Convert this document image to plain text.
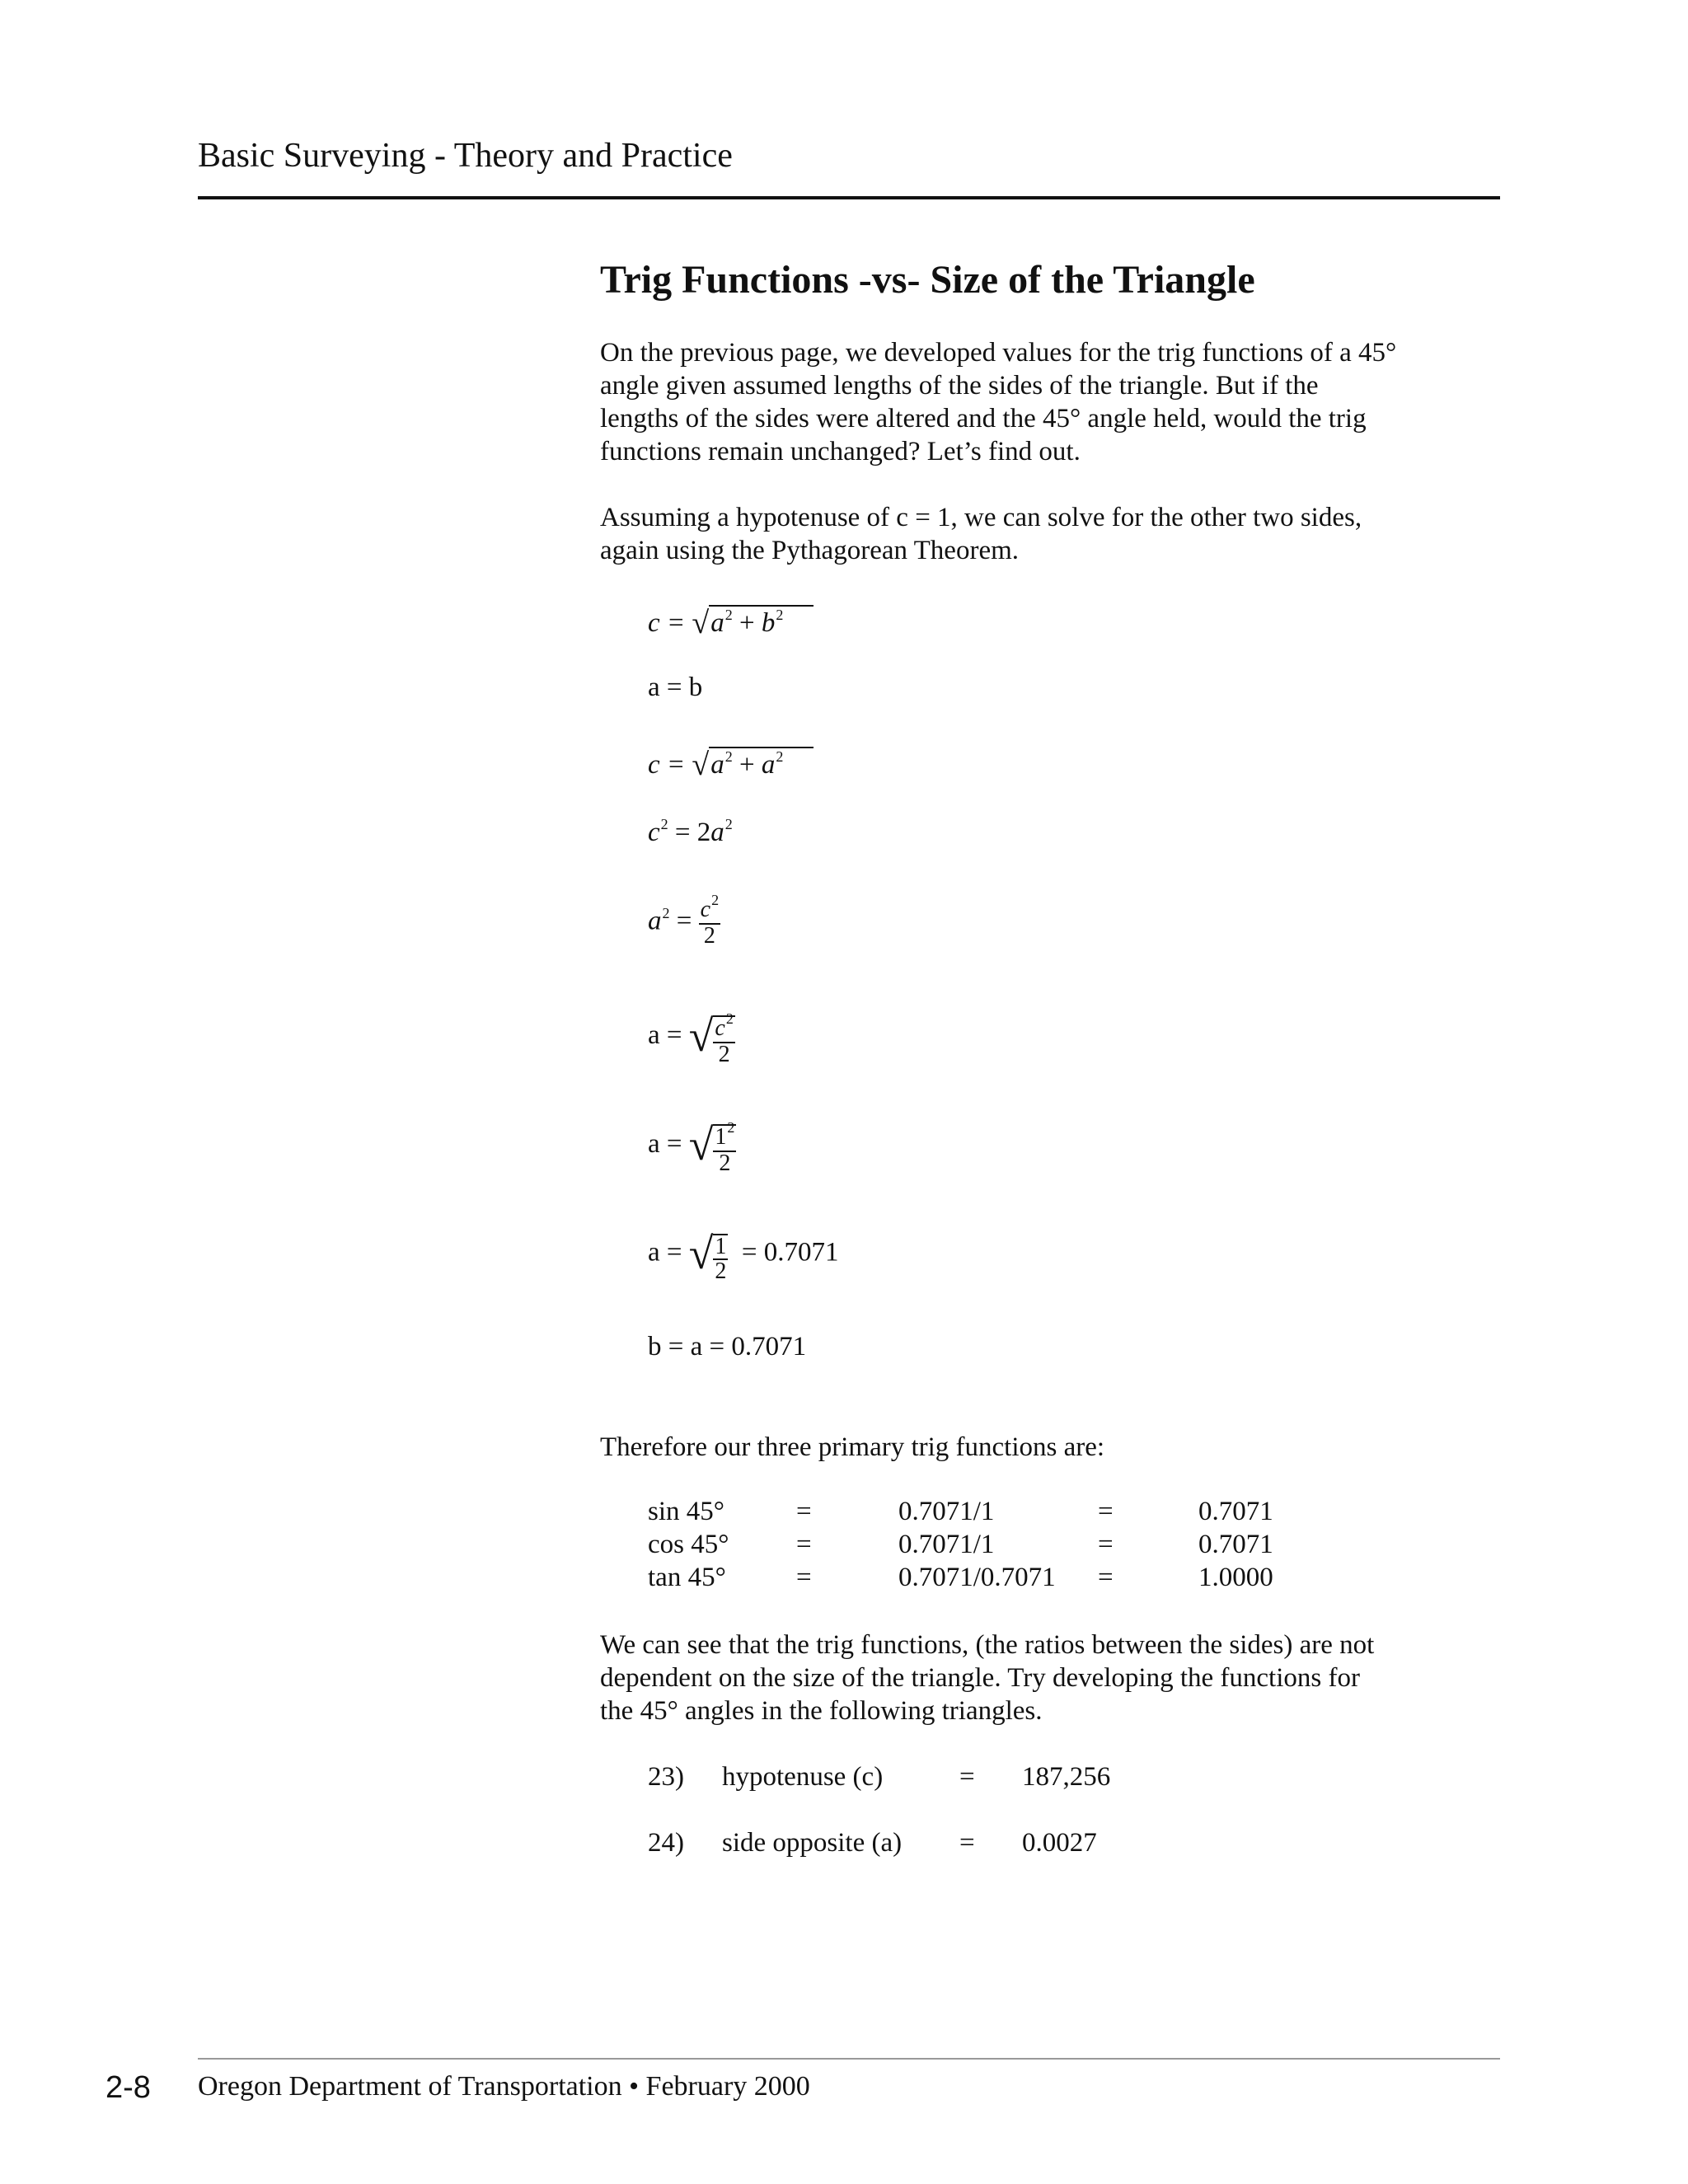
Basic Surveying - Theory and Practice
Trig Functions -vs- Size of the Triangle
On the previous page, we developed values for the trig functions of a 45°
angle given assumed lengths of the sides of the triangle. But if the
lengths of the sides were altered and the 45° angle held, would the trig
functions remain unchanged? Let’s find out.
Assuming a hypotenuse of c = 1, we can solve for the other two sides,
again using the Pythagorean Theorem.
$c = √a^2 + b^2$
a = b
$c = √a^2 + a^2$
$c^2 = 2a^2$
$a^2 = \frac{c^2}{2}$
a = √ $\frac{c^2}{2}$
a = √ $\frac{1^2}{2}$
a = √ $\frac{1}{2} = 0.7071$
b = a = 0.7071
Therefore our three primary trig functions are:
sin 45°	=	0.7071/1	=	0.7071
cos 45° =	0.7071/1	=	0.7071
tan 45°	=	0.7071/0.7071 =	1.0000
We can see that the trig functions, (the ratios between the sides) are not
dependent on the size of the triangle. Try developing the functions for
the 45° angles in the following triangles.
23) hypotenuse (c)	= 187,256
24) side opposite (a) = 0.0027
2-8 Oregon Department of Transportation • February 2000
